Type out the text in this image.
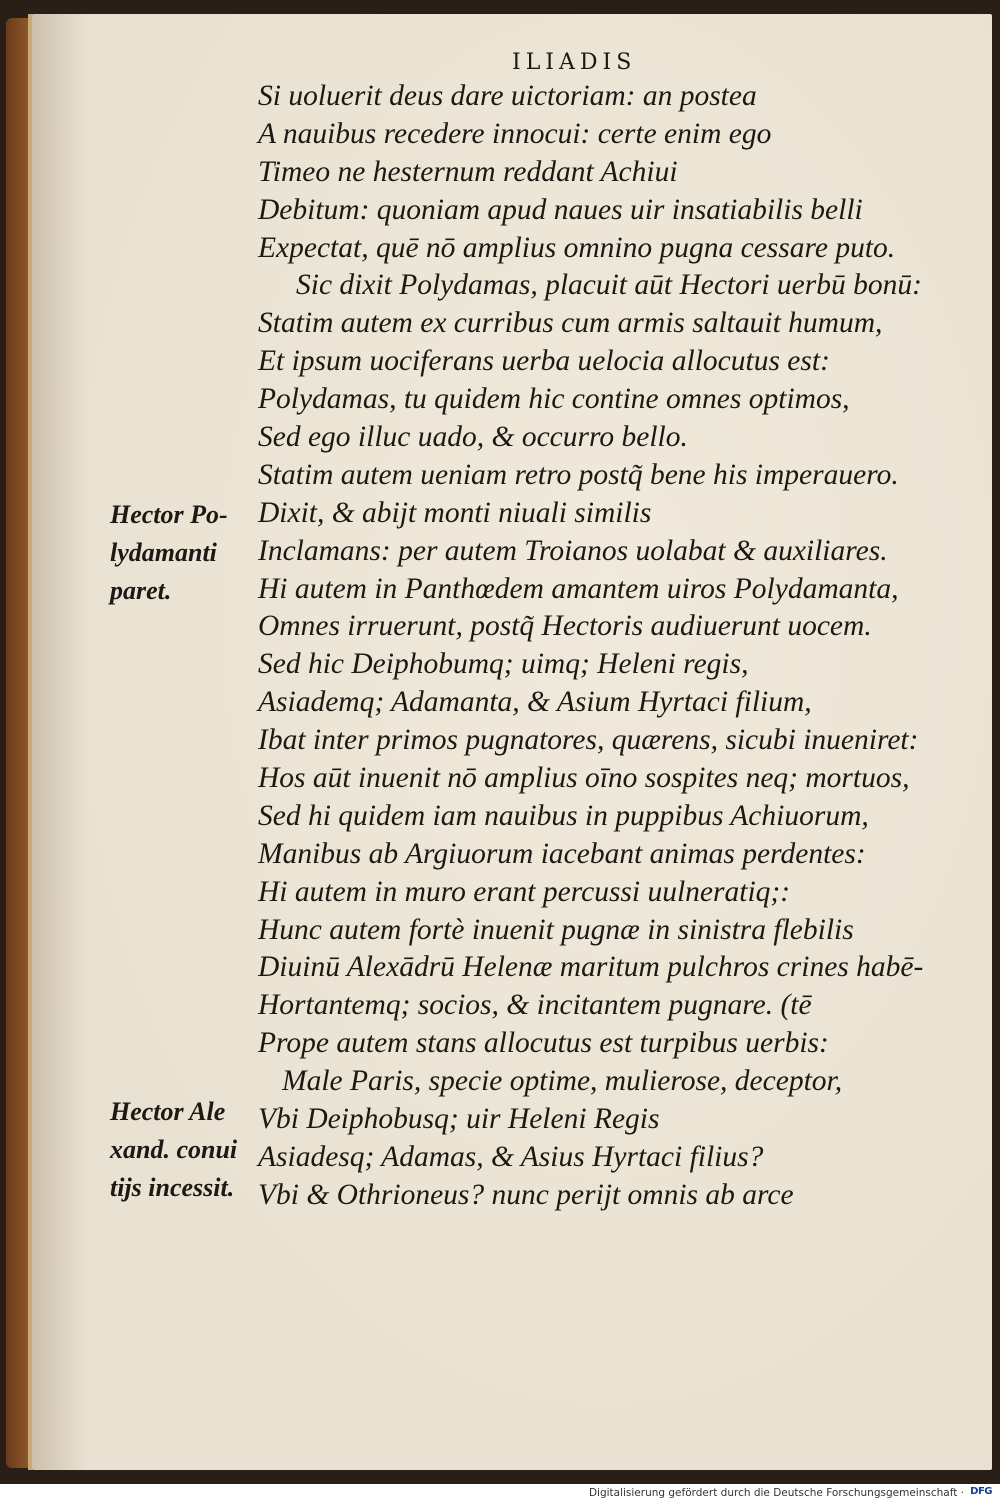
ILIADIS
Si uoluerit deus dare uictoriam: an postea
A nauibus recedere innocui: certe enim ego
Timeo ne hesternum reddant Achiui
Debitum: quoniam apud naues uir insatiabilis belli
Expectat, quē nō amplius omnino pugna cessare puto.
Sic dixit Polydamas, placuit aūt Hectori uerbū bonū:
Statim autem ex curribus cum armis saltauit humum,
Et ipsum uociferans uerba uelocia allocutus est:
Polydamas, tu quidem hic contine omnes optimos,
Sed ego illuc uado, & occurro bello.
Statim autem ueniam retro postq̃ bene his imperauero.
Dixit, & abijt monti niuali similis
Inclamans: per autem Troianos uolabat & auxiliares.
Hi autem in Panthœdem amantem uiros Polydamanta,
Omnes irruerunt, postq̃ Hectoris audiuerunt uocem.
Sed hic Deiphobumq; uimq; Heleni regis,
Asiademq; Adamanta, & Asium Hyrtaci filium,
Ibat inter primos pugnatores, quærens, sicubi inueniret:
Hos aūt inuenit nō amplius oīno sospites neq; mortuos,
Sed hi quidem iam nauibus in puppibus Achiuorum,
Manibus ab Argiuorum iacebant animas perdentes:
Hi autem in muro erant percussi uulneratiq;:
Hunc autem fortè inuenit pugnæ in sinistra flebilis
Diuinū Alexādrū Helenæ maritum pulchros crines habē-
Hortantemq; socios, & incitantem pugnare. (tē
Prope autem stans allocutus est turpibus uerbis:
Male Paris, specie optime, mulierose, deceptor,
Vbi Deiphobusq; uir Heleni Regis
Asiadesq; Adamas, & Asius Hyrtaci filius?
Vbi & Othrioneus? nunc perijt omnis ab arce
Hector Po-
lydamanti
paret.
Hector Ale
xand. conui
tijs incessit.
Digitalisierung gefördert durch die Deutsche Forschungsgemeinschaft · DFG
